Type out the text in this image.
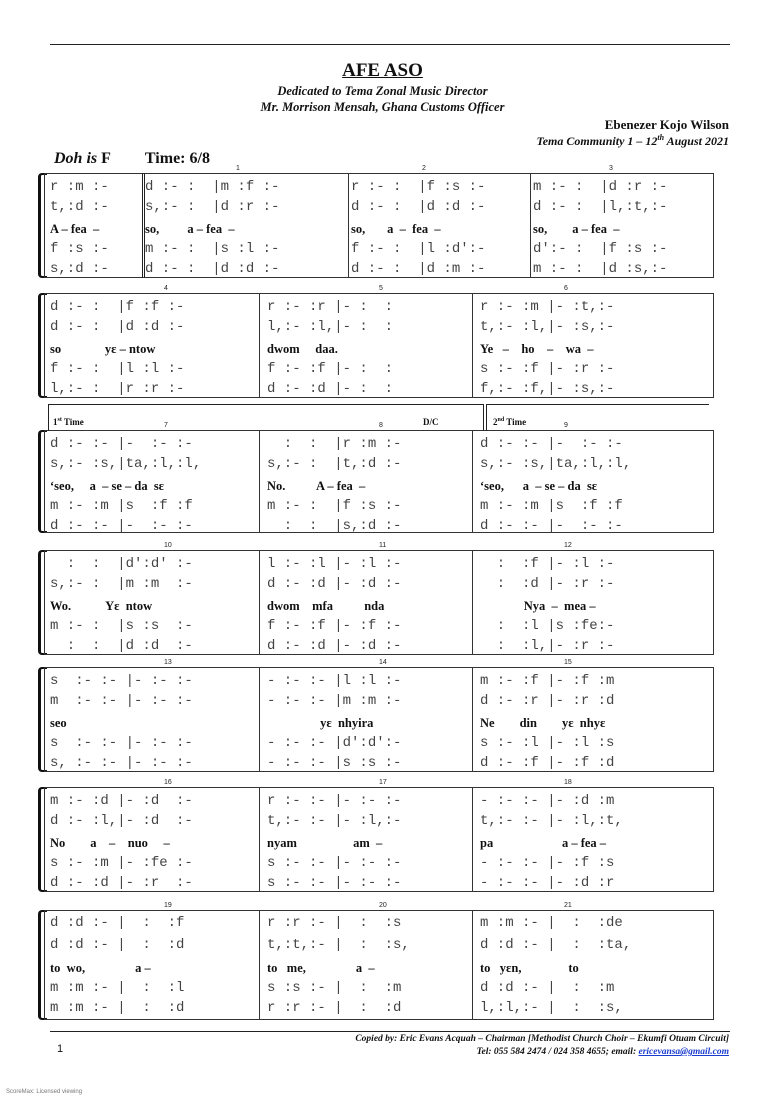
AFE ASO
Dedicated to Tema Zonal Music Director
Mr. Morrison Mensah, Ghana Customs Officer
Ebenezer Kojo Wilson
Tema Community 1 – 12th August 2021
Doh is F Time: 6/8
1	2	3
r :m :-	d :- :  |m :f :-	r :- :  |f :s :-	m :- :  |d :r :-
t,:d :-	s,:- :  |d :r :-	d :- :  |d :d :-	d :- :  |l,:t,:-
A – fea  –	so,         a – fea  –	so,       a  –  fea  –	so,        a – fea  –
f :s :-	m :- :  |s :l :-	f :- :  |l :d':-	d':- :  |f :s :-
s,:d :-	d :- :  |d :d :-	d :- :  |d :m :-	m :- :  |d :s,:-
4	5	6
d :- :  |f :f :-	r :- :r |- :  :	r :- :m |- :t,:-
d :- :  |d :d :-	l,:- :l,|- :  :	t,:- :l,|- :s,:-
so              yɛ – ntow	dwom     daa.	Ye   –    ho    –    wa  –
f :- :  |l :l :-	f :- :f |- :  :	s :- :f |- :r :-
l,:- :  |r :r :-	d :- :d |- :  :	f,:- :f,|- :s,:-
7	8	9
d :- :- |-  :- :-	:  :  |r :m :-	d :- :- |-  :- :-
s,:- :s,|ta,:l,:l,	s,:- :  |t,:d :-	s,:- :s,|ta,:l,:l,
‘seo,     a  – se – da  sɛ	No.          A – fea  –	‘seo,      a  – se – da  sɛ
m :- :m |s  :f :f	m :- :  |f :s :-	m :- :m |s  :f :f
d :- :- |-  :- :-	:  :  |s,:d :-	d :- :- |-  :- :-
1st Time	D/C	2nd Time
10	11	12
:  :  |d':d' :-	l :- :l |- :l :-	:  :f |- :l :-
s,:- :  |m :m  :-	d :- :d |- :d :-	:  :d |- :r :-
Wo.           Yɛ  ntow	dwom    mfa          nda	Nya  –  mea –
m :- :  |s :s  :-	f :- :f |- :f :-	:  :l |s :fe:-
:  :  |d :d  :-	d :- :d |- :d :-	:  :l,|- :r :-
13	14	15
s  :- :- |- :- :-	- :- :- |l :l :-	m :- :f |- :f :m
m  :- :- |- :- :-	- :- :- |m :m :-	d :- :r |- :r :d
seo	yɛ  nhyira	Ne        din        yɛ  nhyɛ
s  :- :- |- :- :-	- :- :- |d':d':-	s :- :l |- :l :s
s, :- :- |- :- :-	- :- :- |s :s :-	d :- :f |- :f :d
16	17	18
m :- :d |- :d  :-	r :- :- |- :- :-	- :- :- |- :d :m
d :- :l,|- :d  :-	t,:- :- |- :l,:-	t,:- :- |- :l,:t,
No        a    –    nuo     –	nyam                  am  –	pa                      a – fea –
s :- :m |- :fe :-	s :- :- |- :- :-	- :- :- |- :f :s
d :- :d |- :r  :-	s :- :- |- :- :-	- :- :- |- :d :r
19	20	21
d :d :- |  :  :f	r :r :- |  :  :s	m :m :- |  :  :de
d :d :- |  :  :d	t,:t,:- |  :  :s,	d :d :- |  :  :ta,
to  wo,                a –	to   me,                a  –	to   yɛn,               to
m :m :- |  :  :l	s :s :- |  :  :m	d :d :- |  :  :m
m :m :- |  :  :d	r :r :- |  :  :d	l,:l,:- |  :  :s,
1
Copied by: Eric Evans Acquah – Chairman [Methodist Church Choir – Ekumfi Otuam Circuit]
Tel: 055 584 2474 / 024 358 4655; email: ericevansa@gmail.com
ScoreMax: Licensed viewing
